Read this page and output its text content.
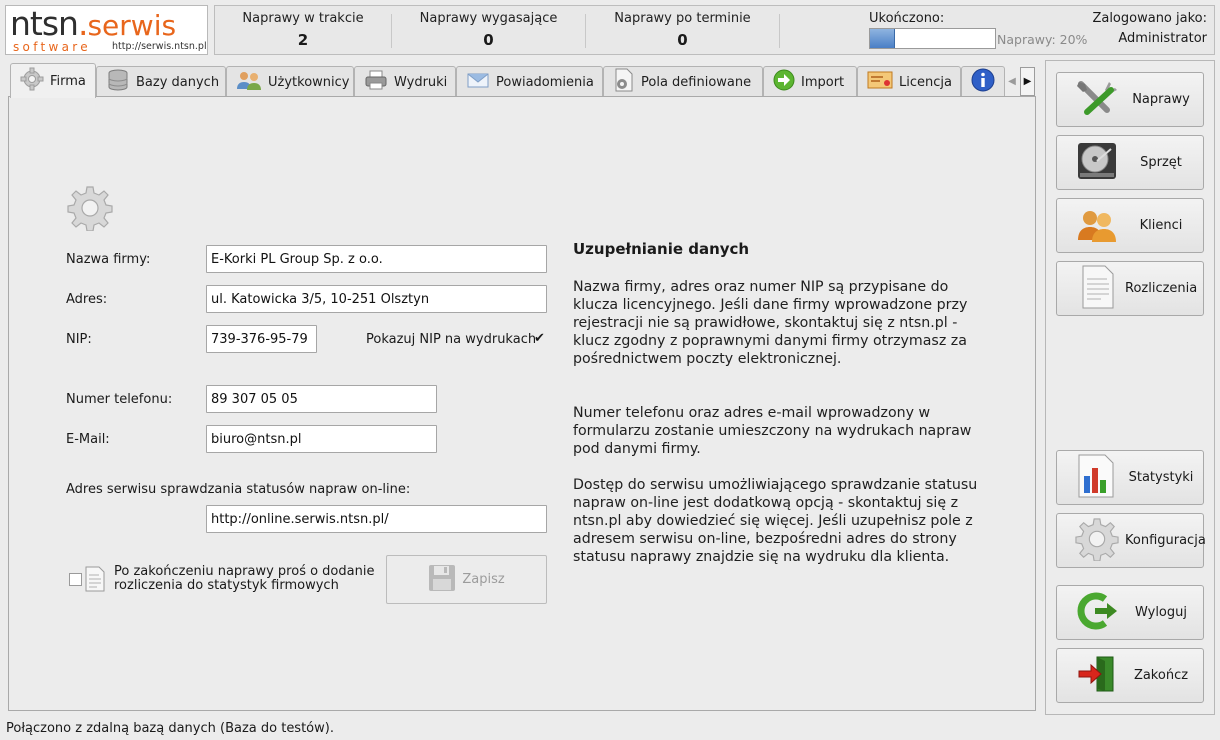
ntsn.serwis
software http://serwis.ntsn.pl
Naprawy w trakcie
2
Naprawy wygasające
0
Naprawy po terminie
0
Ukończono:
Naprawy: 20%
Zalogowano jako:
Administrator
Firma	Bazy danych	Użytkownicy	Wydruki	Powiadomienia	Pola definiowane	Import	Licencja	◀ ▶
Nazwa firmy:
E-Korki PL Group Sp. z o.o.
Adres:
ul. Katowicka 3/5, 10-251 Olsztyn
NIP:
739-376-95-79	Pokazuj NIP na wydrukach
✔
Numer telefonu:
89 307 05 05
E-Mail:
biuro@ntsn.pl
Adres serwisu sprawdzania statusów napraw on-line:
http://online.serwis.ntsn.pl/
Po zakończeniu naprawy proś o dodanie
rozliczenia do statystyk firmowych	Zapisz
Uzupełnianie danych
Nazwa firmy, adres oraz numer NIP są przypisane do
klucza licencyjnego. Jeśli dane firmy wprowadzone przy
rejestracji nie są prawidłowe, skontaktuj się z ntsn.pl -
klucz zgodny z poprawnymi danymi firmy otrzymasz za
pośrednictwem poczty elektronicznej.
Numer telefonu oraz adres e-mail wprowadzony w
formularzu zostanie umieszczony na wydrukach napraw
pod danymi firmy.
Dostęp do serwisu umożliwiającego sprawdzanie statusu
napraw on-line jest dodatkową opcją - skontaktuj się z
ntsn.pl aby dowiedzieć się więcej. Jeśli uzupełnisz pole z
adresem serwisu on-line, bezpośredni adres do strony
statusu naprawy znajdzie się na wydruku dla klienta.
Naprawy
Sprzęt
Klienci
Rozliczenia
Statystyki
Konfiguracja
Wyloguj
Zakończ
Połączono z zdalną bazą danych (Baza do testów).
